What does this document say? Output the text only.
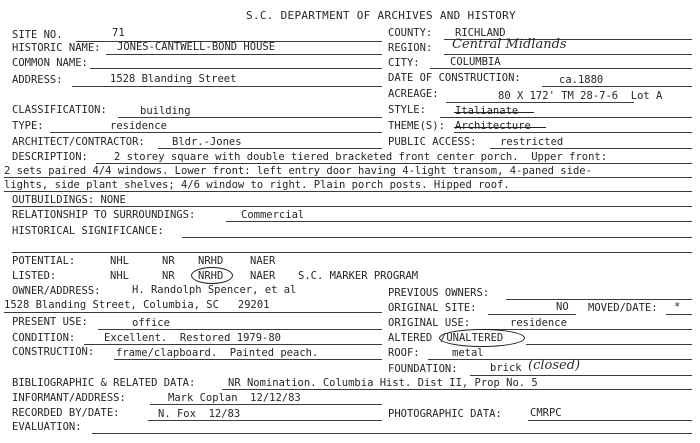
S.C. DEPARTMENT OF ARCHIVES AND HISTORY
SITE NO.	71	COUNTY: RICHLAND
HISTORIC NAME: JONES-CANTWELL-BOND HOUSE	REGION: Central Midlands
COMMON NAME:	CITY:	COLUMBIA
ADDRESS:	1528 Blanding Street	DATE OF CONSTRUCTION:	ca.1880
ACREAGE:	80 X 172' TM 28-7-6  Lot A
CLASSIFICATION:	building	STYLE:	Italianate
TYPE:	residence	THEME(S): Architecture
ARCHITECT/CONTRACTOR:	Bldr.-Jones	PUBLIC ACCESS: restricted
DESCRIPTION: 2 storey square with double tiered bracketed front center porch.  Upper front:
2 sets paired 4/4 windows. Lower front: left entry door having 4-light transom, 4-paned side-
lights, side plant shelves; 4/6 window to right. Plain porch posts. Hipped roof.
OUTBUILDINGS: NONE
RELATIONSHIP TO SURROUNDINGS:	Commercial
HISTORICAL SIGNIFICANCE:
POTENTIAL:	NHL	NR NRHD	NAER
LISTED:	NHL	NR NRHD	NAER S.C. MARKER PROGRAM
OWNER/ADDRESS:	H. Randolph Spencer, et al	PREVIOUS OWNERS:
1528 Blanding Street, Columbia, SC   29201	ORIGINAL SITE:	NO MOVED/DATE: *
PRESENT USE:	office	ORIGINAL USE:	residence
CONDITION:	Excellent.  Restored 1979-80	ALTERED /UNALTERED
CONSTRUCTION: frame/clapboard.  Painted peach.	ROOF:	metal
FOUNDATION:	brick (closed)
BIBLIOGRAPHIC & RELATED DATA:	NR Nomination. Columbia Hist. Dist II, Prop No. 5
INFORMANT/ADDRESS:	Mark Coplan  12/12/83
RECORDED BY/DATE:	N. Fox  12/83	PHOTOGRAPHIC DATA:	CMRPC
EVALUATION:
